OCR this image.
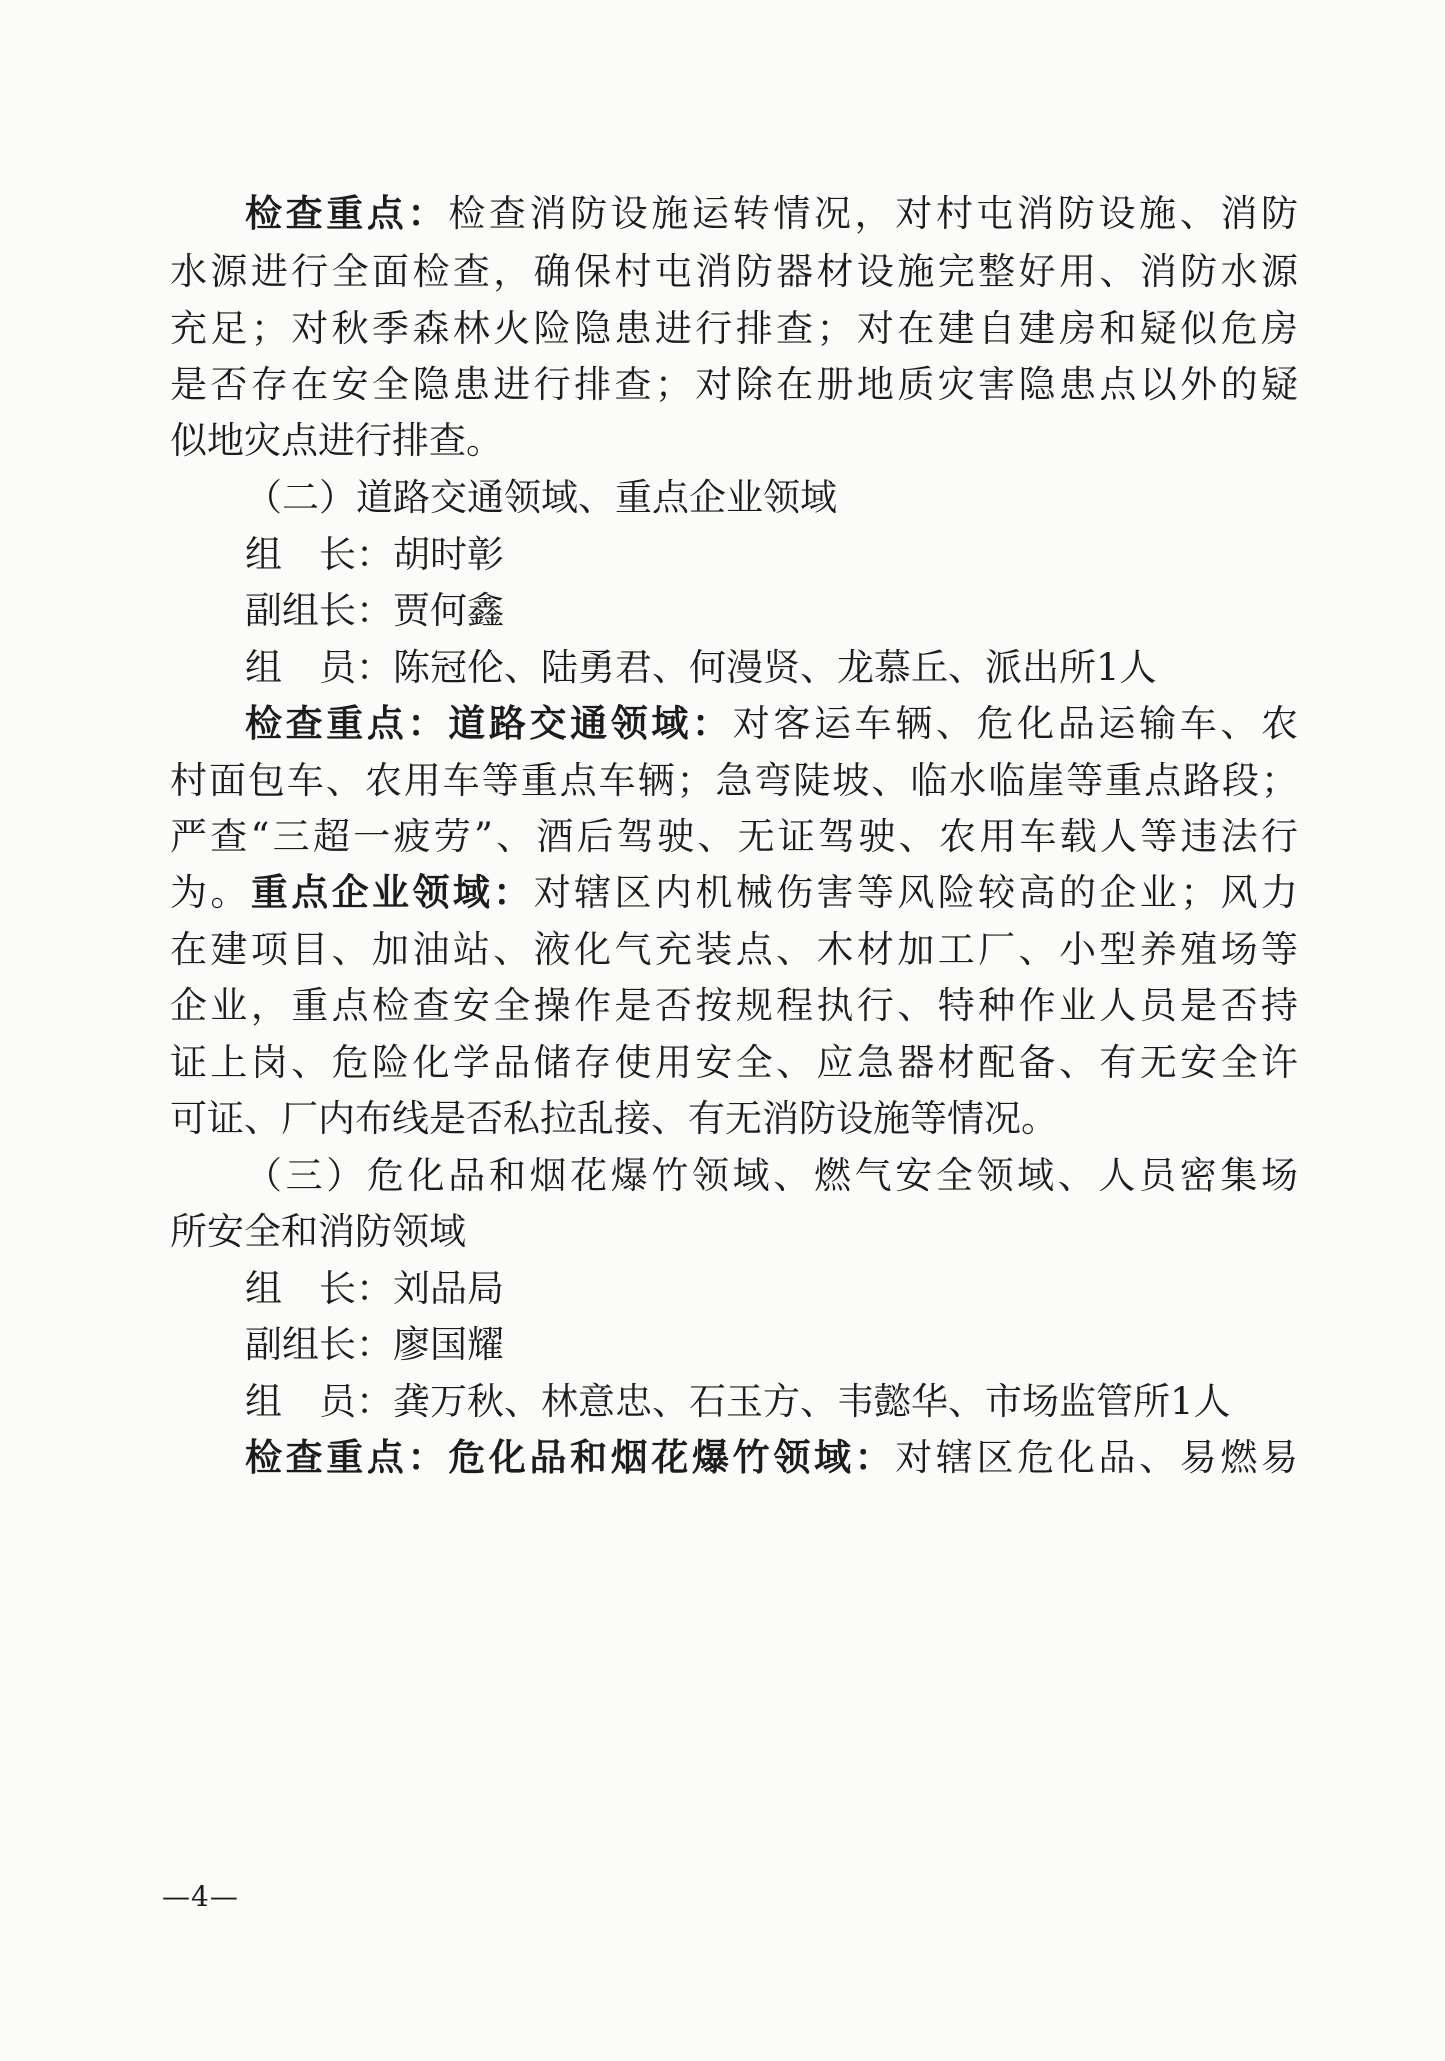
检查重点：检查消防设施运转情况，对村屯消防设施、消防
水源进行全面检查，确保村屯消防器材设施完整好用、消防水源
充足；对秋季森林火险隐患进行排查；对在建自建房和疑似危房
是否存在安全隐患进行排查；对除在册地质灾害隐患点以外的疑
似地灾点进行排查。
（二）道路交通领域、重点企业领域
组　长：胡时彰
副组长：贾何鑫
组　员：陈冠伦、陆勇君、何漫贤、龙慕丘、派出所1人
检查重点：道路交通领域：对客运车辆、危化品运输车、农
村面包车、农用车等重点车辆；急弯陡坡、临水临崖等重点路段；
严查“三超一疲劳”、酒后驾驶、无证驾驶、农用车载人等违法行
为。重点企业领域：对辖区内机械伤害等风险较高的企业；风力
在建项目、加油站、液化气充装点、木材加工厂、小型养殖场等
企业，重点检查安全操作是否按规程执行、特种作业人员是否持
证上岗、危险化学品储存使用安全、应急器材配备、有无安全许
可证、厂内布线是否私拉乱接、有无消防设施等情况。
（三）危化品和烟花爆竹领域、燃气安全领域、人员密集场
所安全和消防领域
组　长：刘品局
副组长：廖国耀
组　员：龚万秋、林意忠、石玉方、韦懿华、市场监管所1人
检查重点：危化品和烟花爆竹领域：对辖区危化品、易燃易
—4—
